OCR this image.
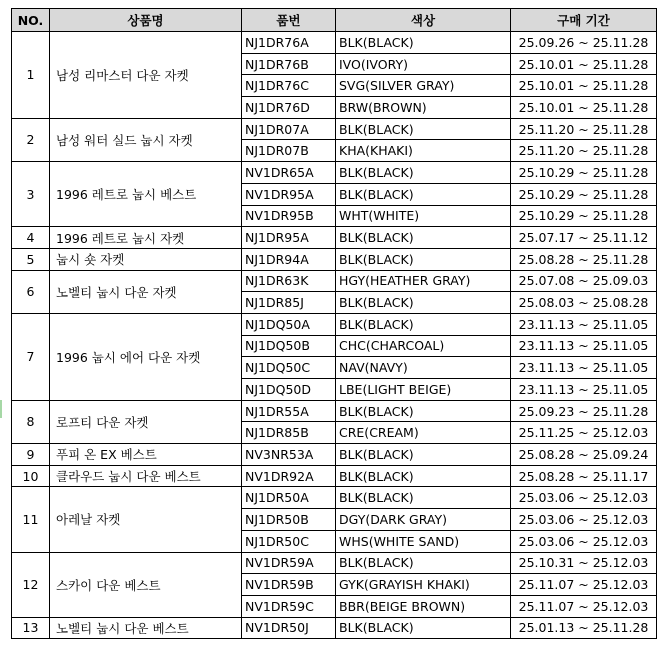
NO.	상품명	품번	색상	구매 기간
1	남성 리마스터 다운 자켓	NJ1DR76A	BLK(BLACK)	25.09.26 ~ 25.11.28
		NJ1DR76B	IVO(IVORY)	25.10.01 ~ 25.11.28
		NJ1DR76C	SVG(SILVER GRAY)	25.10.01 ~ 25.11.28
		NJ1DR76D	BRW(BROWN)	25.10.01 ~ 25.11.28
2	남성 워터 실드 눕시 자켓	NJ1DR07A	BLK(BLACK)	25.11.20 ~ 25.11.28
		NJ1DR07B	KHA(KHAKI)	25.11.20 ~ 25.11.28
3	1996 레트로 눕시 베스트	NV1DR65A	BLK(BLACK)	25.10.29 ~ 25.11.28
		NV1DR95A	BLK(BLACK)	25.10.29 ~ 25.11.28
		NV1DR95B	WHT(WHITE)	25.10.29 ~ 25.11.28
4	1996 레트로 눕시 자켓	NJ1DR95A	BLK(BLACK)	25.07.17 ~ 25.11.12
5	눕시 숏 자켓	NJ1DR94A	BLK(BLACK)	25.08.28 ~ 25.11.28
6	노벨티 눕시 다운 자켓	NJ1DR63K	HGY(HEATHER GRAY)	25.07.08 ~ 25.09.03
		NJ1DR85J	BLK(BLACK)	25.08.03 ~ 25.08.28
7	1996 눕시 에어 다운 자켓	NJ1DQ50A	BLK(BLACK)	23.11.13 ~ 25.11.05
		NJ1DQ50B	CHC(CHARCOAL)	23.11.13 ~ 25.11.05
		NJ1DQ50C	NAV(NAVY)	23.11.13 ~ 25.11.05
		NJ1DQ50D	LBE(LIGHT BEIGE)	23.11.13 ~ 25.11.05
8	로프티 다운 자켓	NJ1DR55A	BLK(BLACK)	25.09.23 ~ 25.11.28
		NJ1DR85B	CRE(CREAM)	25.11.25 ~ 25.12.03
9	푸피 온 EX 베스트	NV3NR53A	BLK(BLACK)	25.08.28 ~ 25.09.24
10	클라우드 눕시 다운 베스트	NV1DR92A	BLK(BLACK)	25.08.28 ~ 25.11.17
11	아레날 자켓	NJ1DR50A	BLK(BLACK)	25.03.06 ~ 25.12.03
		NJ1DR50B	DGY(DARK GRAY)	25.03.06 ~ 25.12.03
		NJ1DR50C	WHS(WHITE SAND)	25.03.06 ~ 25.12.03
12	스카이 다운 베스트	NV1DR59A	BLK(BLACK)	25.10.31 ~ 25.12.03
		NV1DR59B	GYK(GRAYISH KHAKI)	25.11.07 ~ 25.12.03
		NV1DR59C	BBR(BEIGE BROWN)	25.11.07 ~ 25.12.03
13	노벨티 눕시 다운 베스트	NV1DR50J	BLK(BLACK)	25.01.13 ~ 25.11.28
